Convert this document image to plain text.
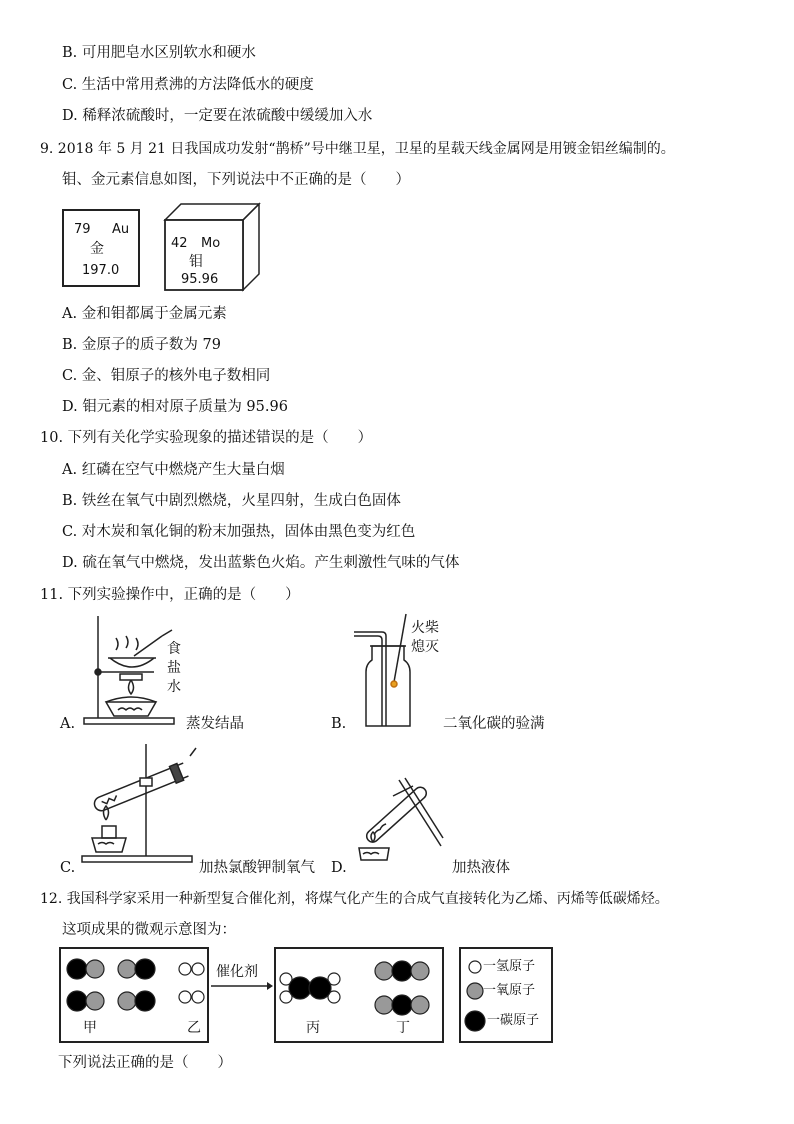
B. 可用肥皂水区别软水和硬水
C. 生活中常用煮沸的方法降低水的硬度
D. 稀释浓硫酸时，一定要在浓硫酸中缓缓加入水
9. 2018 年 5 月 21 日我国成功发射“鹊桥”号中继卫星，卫星的星载天线金属网是用镀金铝丝编制的。
钼、金元素信息如图，下列说法中不正确的是（　　）
79 Au
金
197.0
42 Mo
钼
95.96
A. 金和钼都属于金属元素
B. 金原子的质子数为 79
C. 金、钼原子的核外电子数相同
D. 钼元素的相对原子质量为 95.96
10. 下列有关化学实验现象的描述错误的是（　　）
A. 红磷在空气中燃烧产生大量白烟
B. 铁丝在氧气中剧烈燃烧，火星四射，生成白色固体
C. 对木炭和氧化铜的粉末加强热，固体由黑色变为红色
D. 硫在氧气中燃烧，发出蓝紫色火焰。产生刺激性气味的气体
11. 下列实验操作中，正确的是（　　）
食
盐
水
A.	蒸发结晶
火柴
熄灭
B.	二氧化碳的验满
C.	加热氯酸钾制氧气 D.	加热液体
12. 我国科学家采用一种新型复合催化剂，将煤气化产生的合成气直接转化为乙烯、丙烯等低碳烯烃。
这项成果的微观示意图为：
甲	乙
催化剂
丙	丁
一氢原子
一氧原子
一碳原子
下列说法正确的是（　　）
